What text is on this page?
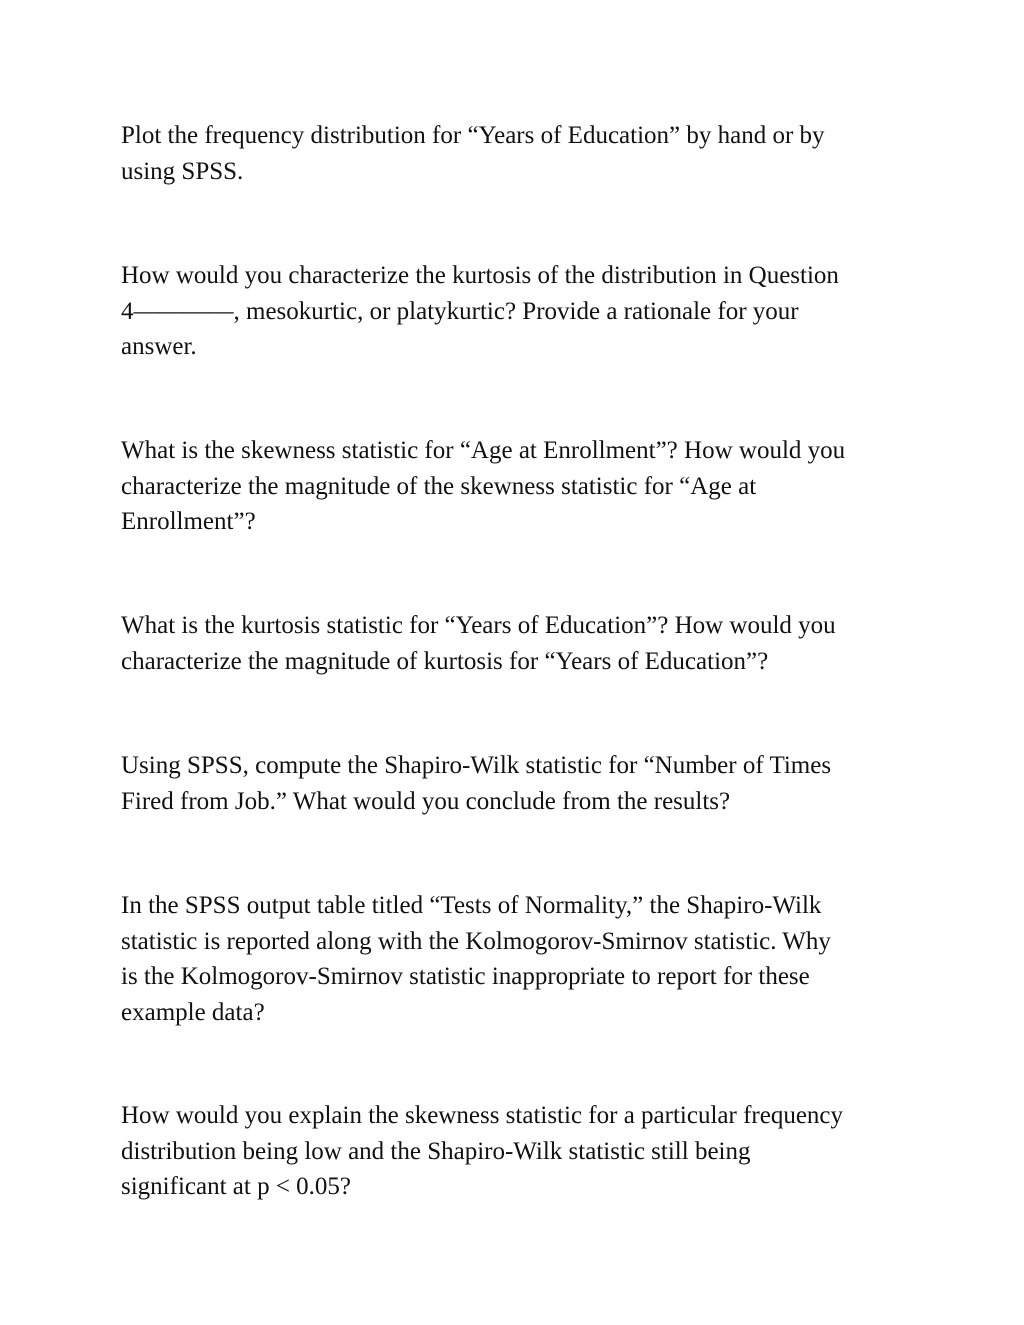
Plot the frequency distribution for “Years of Education” by hand or by
using SPSS.

How would you characterize the kurtosis of the distribution in Question
4————, mesokurtic, or platykurtic? Provide a rationale for your
answer.

What is the skewness statistic for “Age at Enrollment”? How would you
characterize the magnitude of the skewness statistic for “Age at
Enrollment”?

What is the kurtosis statistic for “Years of Education”? How would you
characterize the magnitude of kurtosis for “Years of Education”?

Using SPSS, compute the Shapiro-Wilk statistic for “Number of Times
Fired from Job.” What would you conclude from the results?

In the SPSS output table titled “Tests of Normality,” the Shapiro-Wilk
statistic is reported along with the Kolmogorov-Smirnov statistic. Why
is the Kolmogorov-Smirnov statistic inappropriate to report for these
example data?

How would you explain the skewness statistic for a particular frequency
distribution being low and the Shapiro-Wilk statistic still being
significant at p < 0.05?
